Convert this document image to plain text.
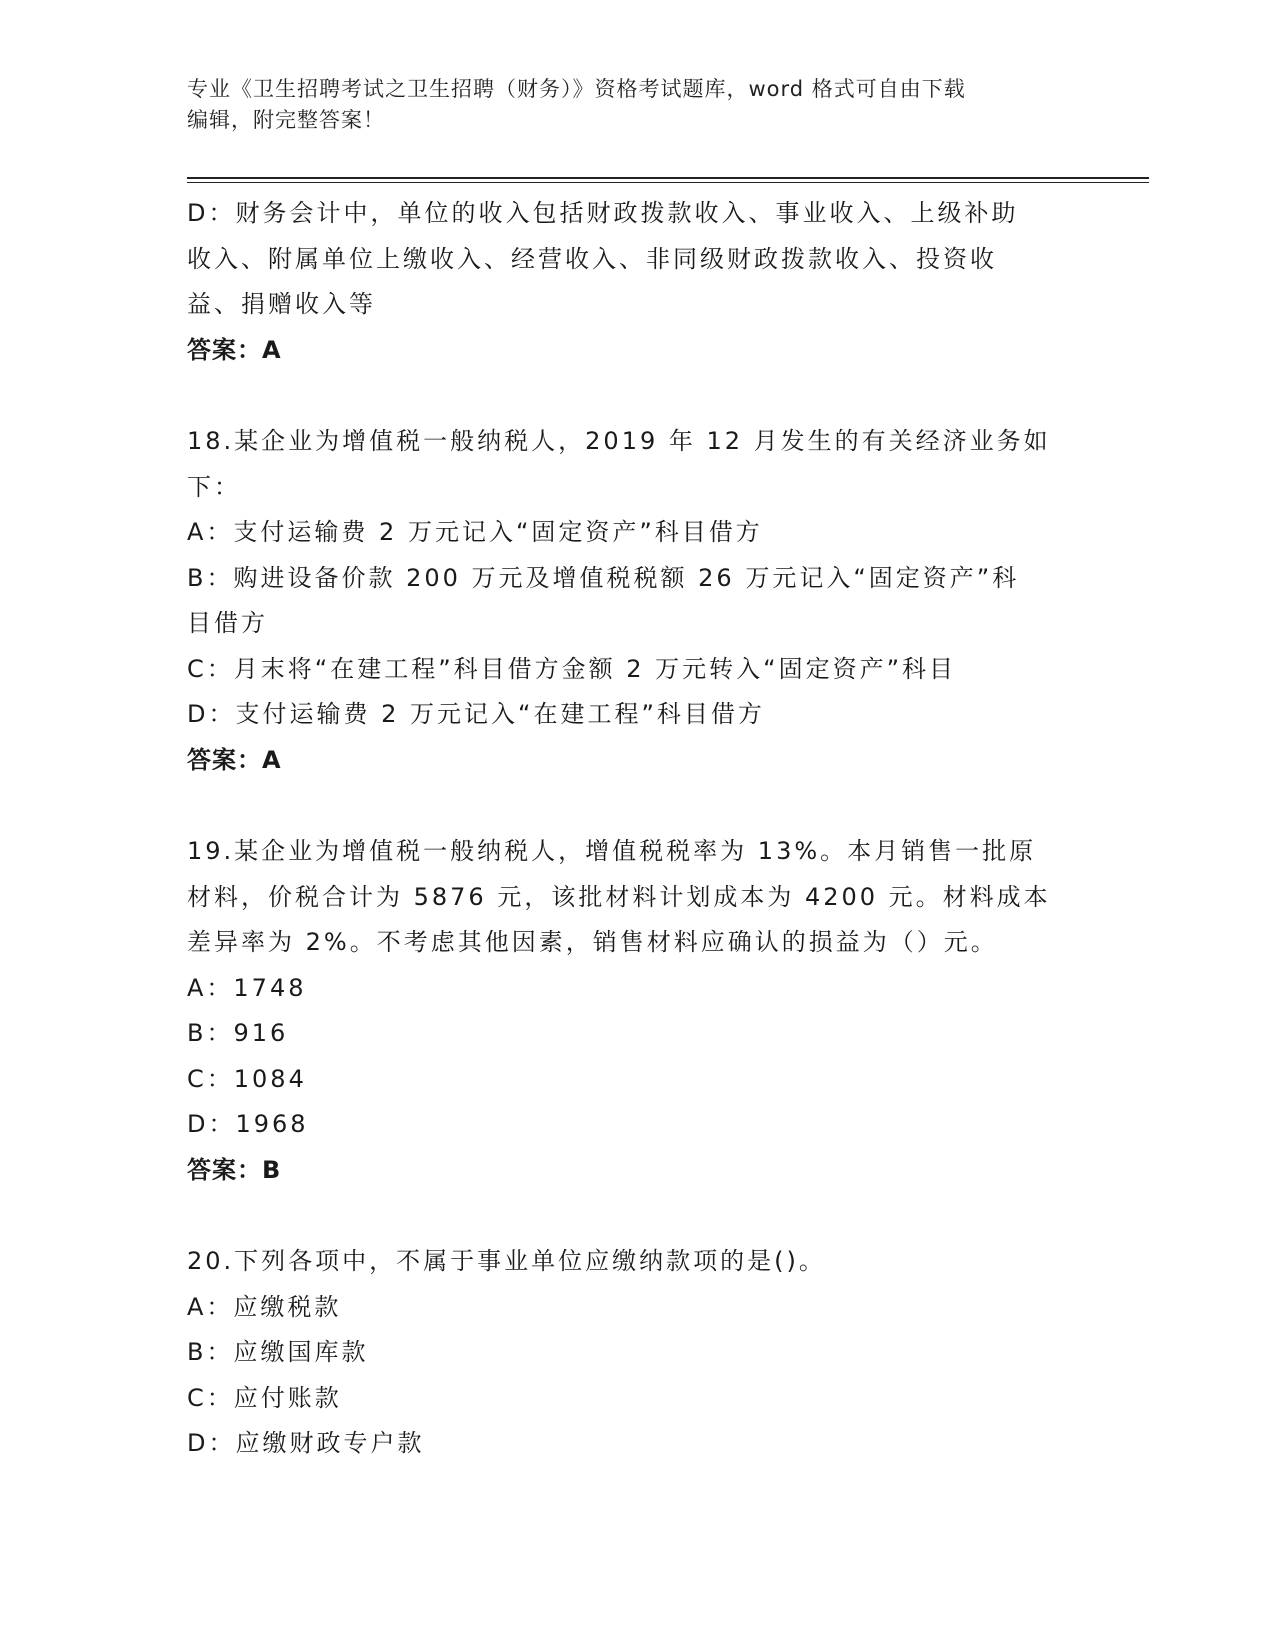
专业《卫生招聘考试之卫生招聘（财务）》资格考试题库，word 格式可自由下载
编辑，附完整答案！
D：财务会计中，单位的收入包括财政拨款收入、事业收入、上级补助
收入、附属单位上缴收入、经营收入、非同级财政拨款收入、投资收
益、捐赠收入等
答案：A
18.某企业为增值税一般纳税人，2019 年 12 月发生的有关经济业务如
下：
A：支付运输费 2 万元记入“固定资产”科目借方
B：购进设备价款 200 万元及增值税税额 26 万元记入“固定资产”科
目借方
C：月末将“在建工程”科目借方金额 2 万元转入“固定资产”科目
D：支付运输费 2 万元记入“在建工程”科目借方
答案：A
19.某企业为增值税一般纳税人，增值税税率为 13%。本月销售一批原
材料，价税合计为 5876 元，该批材料计划成本为 4200 元。材料成本
差异率为 2%。不考虑其他因素，销售材料应确认的损益为（）元。
A：1748
B：916
C：1084
D：1968
答案：B
20.下列各项中，不属于事业单位应缴纳款项的是()。
A：应缴税款
B：应缴国库款
C：应付账款
D：应缴财政专户款
